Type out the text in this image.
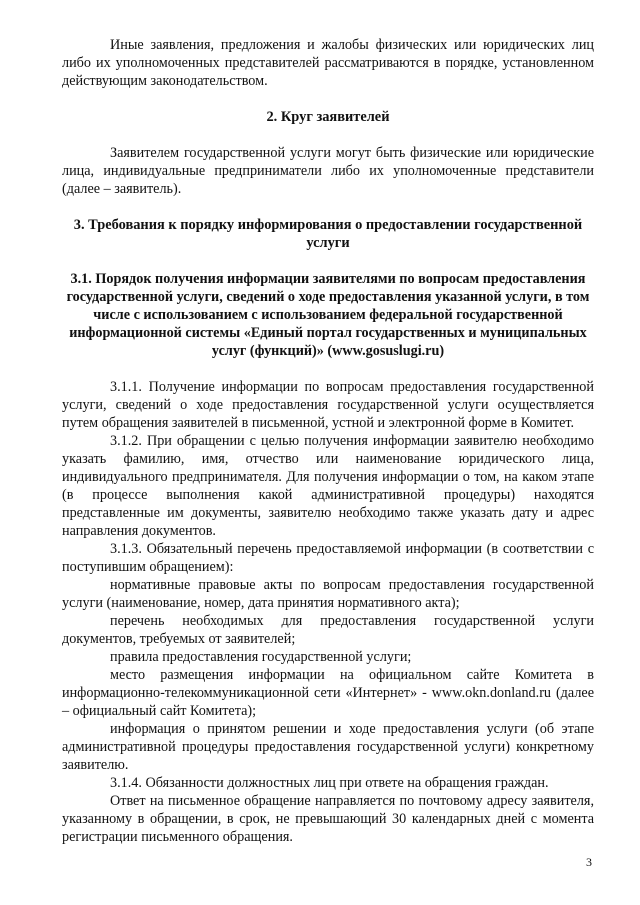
Иные заявления, предложения и жалобы физических или юридических лиц либо их уполномоченных представителей рассматриваются в порядке, установленном действующим законодательством.

2. Круг заявителей

Заявителем государственной услуги могут быть физические или юридические лица, индивидуальные предприниматели либо их уполномоченные представители (далее – заявитель).

3. Требования к порядку информирования о предоставлении государственной услуги
3.1. Порядок получения информации заявителями по вопросам предоставления государственной услуги, сведений о ходе предоставления указанной услуги, в том числе с использованием с использованием федеральной государственной информационной системы «Единый портал государственных и муниципальных услуг (функций)» (www.gosuslugi.ru)

3.1.1. Получение информации по вопросам предоставления государственной услуги, сведений о ходе предоставления государственной услуги осуществляется путем обращения заявителей в письменной, устной и электронной форме в Комитет.

3.1.2. При обращении с целью получения информации заявителю необходимо указать фамилию, имя, отчество или наименование юридического лица, индивидуального предпринимателя. Для получения информации о том, на каком этапе (в процессе выполнения какой административной процедуры) находятся представленные им документы, заявителю необходимо также указать дату и адрес направления документов.

3.1.3. Обязательный перечень предоставляемой информации (в соответствии с поступившим обращением):

нормативные правовые акты по вопросам предоставления государственной услуги (наименование, номер, дата принятия нормативного акта);

перечень необходимых для предоставления государственной услуги документов, требуемых от заявителей;

правила предоставления государственной услуги;

место размещения информации на официальном сайте Комитета в информационно-телекоммуникационной сети «Интернет» - www.okn.donland.ru (далее – официальный сайт Комитета);

информация о принятом решении и ходе предоставления услуги (об этапе административной процедуры предоставления государственной услуги) конкретному заявителю.

3.1.4. Обязанности должностных лиц при ответе на обращения граждан.

Ответ на письменное обращение направляется по почтовому адресу заявителя, указанному в обращении, в срок, не превышающий 30 календарных дней с момента регистрации письменного обращения.

3
